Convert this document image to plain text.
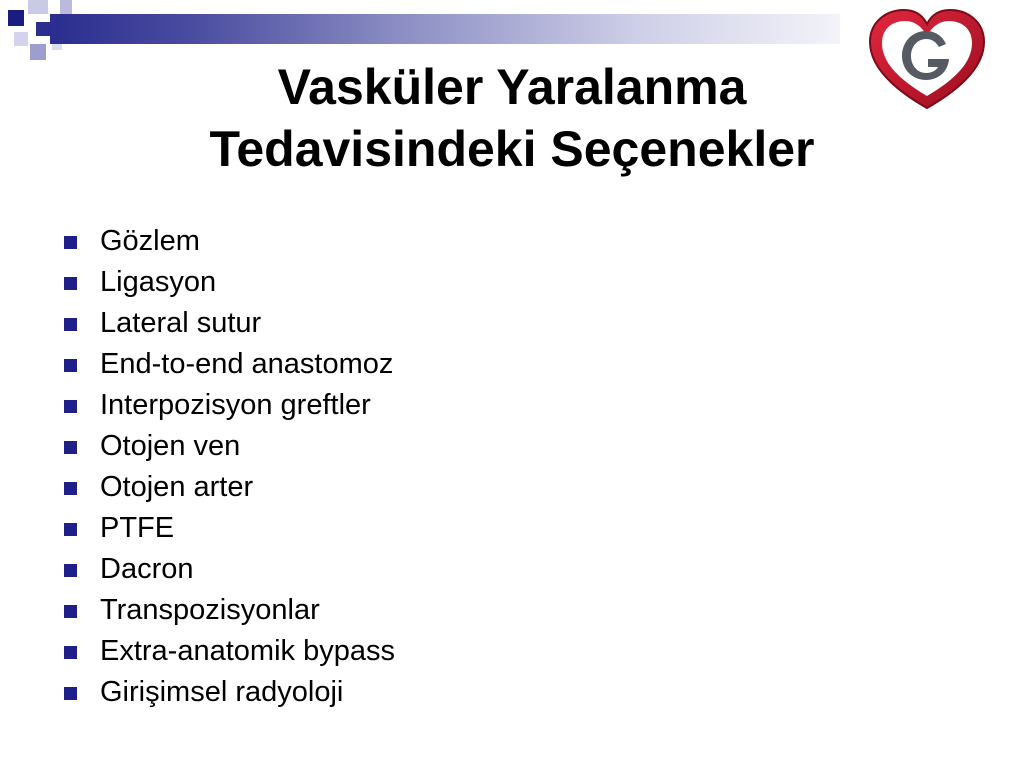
Vasküler Yaralanma
Tedavisindeki Seçenekler
Gözlem
Ligasyon
Lateral sutur
End-to-end anastomoz
Interpozisyon greftler
Otojen ven
Otojen arter
PTFE
Dacron
Transpozisyonlar
Extra-anatomik bypass
Girişimsel radyoloji
